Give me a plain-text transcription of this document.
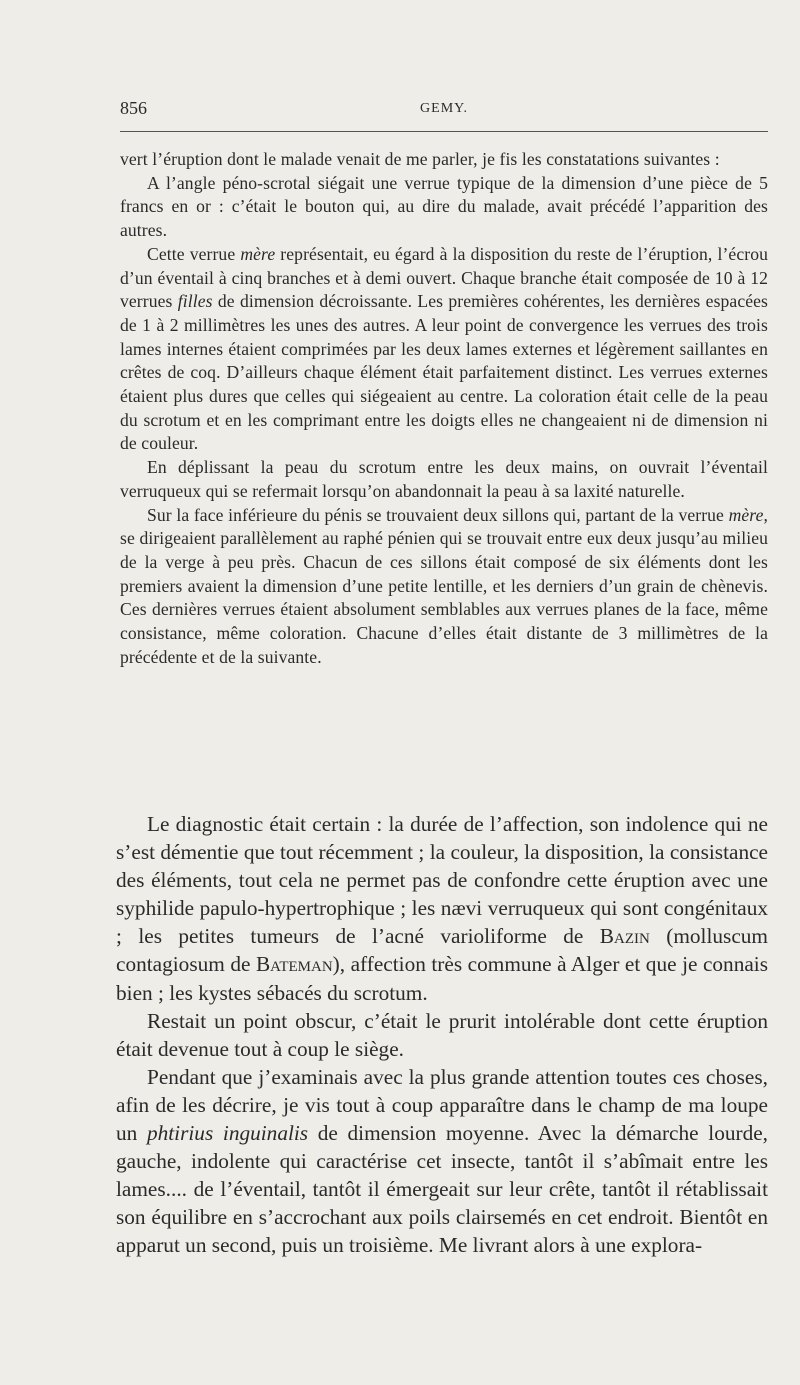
856	GEMY.

vert l’éruption dont le malade venait de me parler, je fis les constatations suivantes :

A l’angle péno-scrotal siégait une verrue typique de la dimension d’une pièce de 5 francs en or : c’était le bouton qui, au dire du malade, avait précédé l’apparition des autres.

Cette verrue mère représentait, eu égard à la disposition du reste de l’éruption, l’écrou d’un éventail à cinq branches et à demi ouvert. Chaque branche était composée de 10 à 12 verrues filles de dimension décroissante. Les premières cohérentes, les dernières espacées de 1 à 2 millimètres les unes des autres. A leur point de convergence les verrues des trois lames internes étaient comprimées par les deux lames externes et légèrement saillantes en crêtes de coq. D’ailleurs chaque élément était parfaitement distinct. Les verrues externes étaient plus dures que celles qui siégeaient au centre. La coloration était celle de la peau du scrotum et en les comprimant entre les doigts elles ne changeaient ni de dimension ni de couleur.

En déplissant la peau du scrotum entre les deux mains, on ouvrait l’éventail verruqueux qui se refermait lorsqu’on abandonnait la peau à sa laxité naturelle.

Sur la face inférieure du pénis se trouvaient deux sillons qui, partant de la verrue mère, se dirigeaient parallèlement au raphé pénien qui se trouvait entre eux deux jusqu’au milieu de la verge à peu près. Chacun de ces sillons était composé de six éléments dont les premiers avaient la dimension d’une petite lentille, et les derniers d’un grain de chènevis. Ces dernières verrues étaient absolument semblables aux verrues planes de la face, même consistance, même coloration. Chacune d’elles était distante de 3 millimètres de la précédente et de la suivante.

Le diagnostic était certain : la durée de l’affection, son indolence qui ne s’est démentie que tout récemment ; la couleur, la disposition, la consistance des éléments, tout cela ne permet pas de confondre cette éruption avec une syphilide papulo-hypertrophique ; les nævi verruqueux qui sont congénitaux ; les petites tumeurs de l’acné varioliforme de Bazin (molluscum contagiosum de Bateman), affection très commune à Alger et que je connais bien ; les kystes sébacés du scrotum.

Restait un point obscur, c’était le prurit intolérable dont cette éruption était devenue tout à coup le siège.

Pendant que j’examinais avec la plus grande attention toutes ces choses, afin de les décrire, je vis tout à coup apparaître dans le champ de ma loupe un phtirius inguinalis de dimension moyenne. Avec la démarche lourde, gauche, indolente qui caractérise cet insecte, tantôt il s’abîmait entre les lames.... de l’éventail, tantôt il émergeait sur leur crête, tantôt il rétablissait son équilibre en s’accrochant aux poils clairsemés en cet endroit. Bientôt en apparut un second, puis un troisième. Me livrant alors à une explora-
